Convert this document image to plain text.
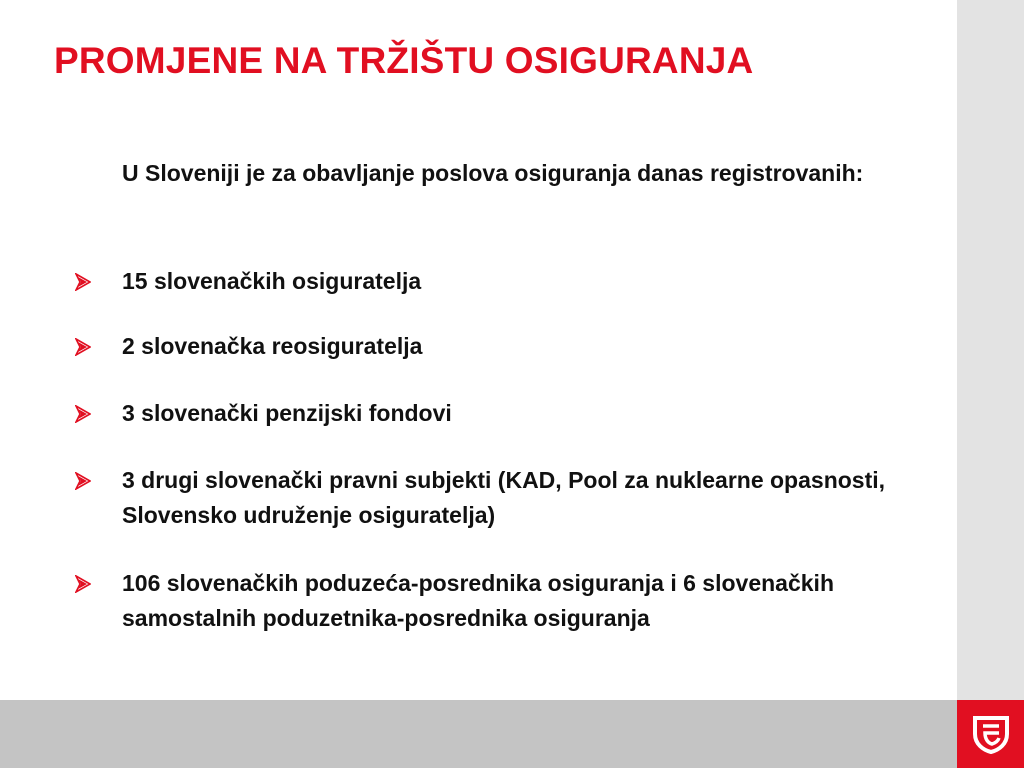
PROMJENE NA TRŽIŠTU OSIGURANJA
U Sloveniji je za obavljanje poslova osiguranja danas registrovanih:
15 slovenačkih osiguratelja
2 slovenačka reosiguratelja
3 slovenački penzijski fondovi
3 drugi slovenački pravni subjekti (KAD, Pool za nuklearne opasnosti, Slovensko udruženje osiguratelja)
106 slovenačkih poduzeća-posrednika osiguranja i 6 slovenačkih samostalnih poduzetnika-posrednika osiguranja
